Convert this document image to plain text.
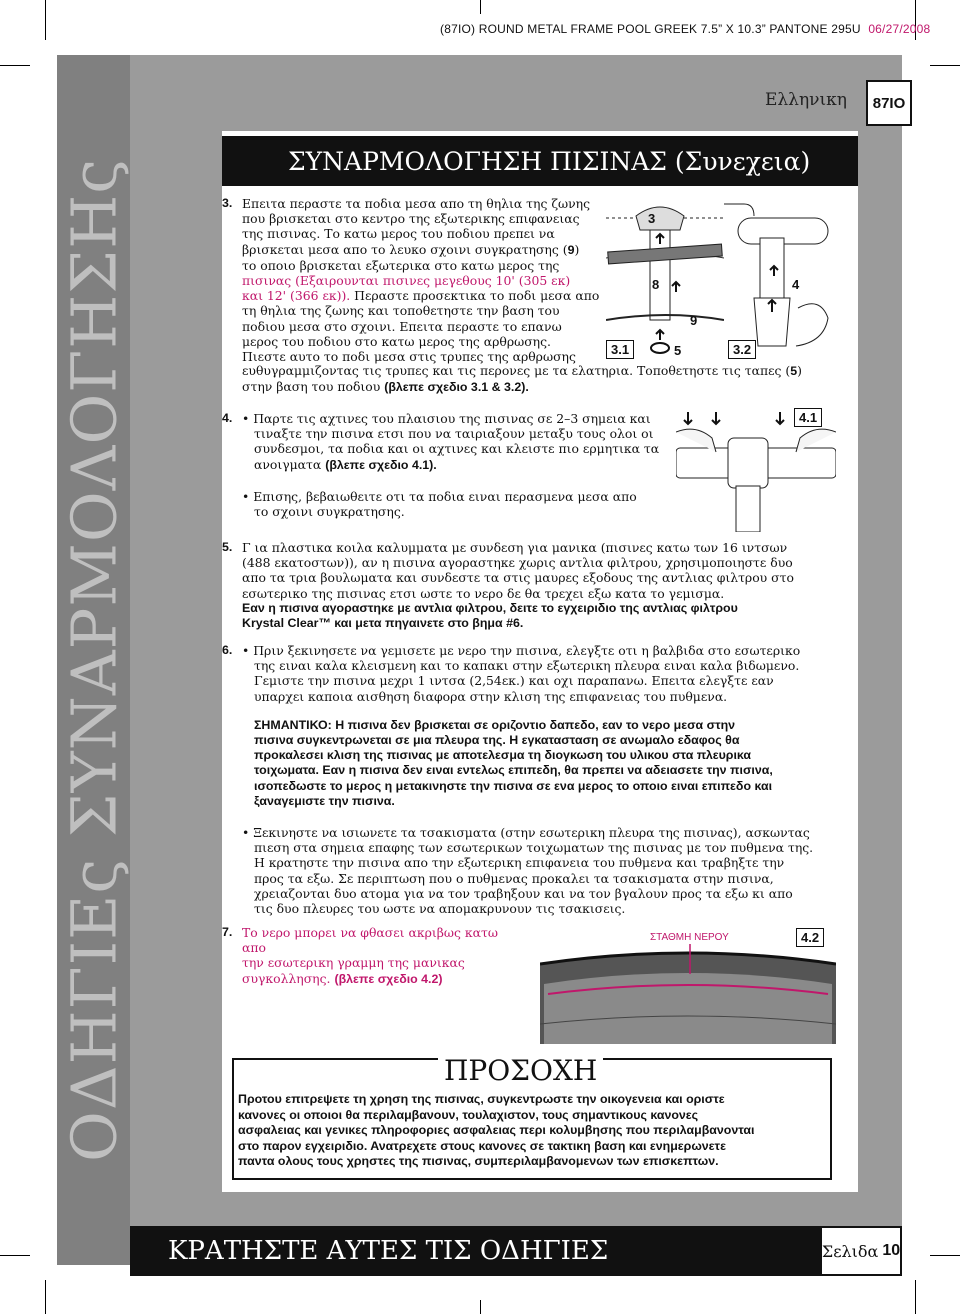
(87IO) ROUND METAL FRAME POOL GREEK 7.5” X 10.3” PANTONE 295U 06/27/2008
ΟΔΗΓΙΕς ΣΥΝΑΡΜΟΛΟΓΗΣΗς
Ελληνικη	87IO
ΣΥΝΑΡΜΟΛΟΓΗΣΗ ΠΙΣΙΝΑΣ (Συνεχεια)
3. Επειτα περαστε τα ποδια μεσα απο τη θηλια της ζωνης
που βρισκεται στο κεντρο της εξωτερικης επιφανειας
της πισινας. Το κατω μερος του ποδιου πρεπει να
βρισκεται μεσα απο το λευκο σχοινι συγκρατησης (9)
το οποιο βρισκεται εξωτερικα στο κατω μερος της
πισινας (Εξαιρουνται πισινες μεγεθους 10' (305 εκ)
και 12' (366 εκ)). Περαστε προσεκτικα το ποδι μεσα απο
τη θηλια της ζωνης και τοποθετηστε την βαση του
ποδιου μεσα στο σχοινι. Επειτα περαστε το επανω
μερος του ποδιου στο κατω μερος της αρθρωσης.
Πιεστε αυτο το ποδι μεσα στις τρυπες της αρθρωσης
ευθυγραμμιζοντας τις τρυπες και τις περονες με τα ελατηρια. Τοποθετηστε τις ταπες (5)
στην βαση του ποδιου (βλεπε σχεδιο 3.1 & 3.2).
3
8
9
5
3.1
4
3.2
4. • Παρτε τις αχτινες του πλαισιου της πισινας σε 2–3 σημεια και
τιναξτε την πισινα ετσι που να ταιριαξουν μεταξυ τους ολοι οι
συνδεσμοι, τα ποδια και οι αχτινες και κλειστε πιο ερμητικα τα
ανοιγματα (βλεπε σχεδιο 4.1).
• Επισης, βεβαιωθειτε οτι τα ποδια ειναι περασμενα μεσα απο
το σχοινι συγκρατησης.
4.1
5. Γ ια πλαστικα κοιλα καλυμματα με συνδεση για μανικα (πισινες κατω των 16 ιντσων
(488 εκατοστων)), αν η πισινα αγοραστηκε χωρις αντλια φιλτρου, χρησιμοποιηστε δυο
απο τα τρια βουλωματα και συνδεστε τα στις μαυρες εξοδους της αντλιας φιλτρου στο
εσωτερικο της πισινας ετσι ωστε το νερο δε θα τρεχει εξω κατα το γεμισμα.
Εαν η πισινα αγοραστηκε με αντλια φιλτρου, δειτε το εγχειριδιο της αντλιας φιλτρου
Krystal Clear™ και μετα πηγαινετε στο βημα #6.
6. • Πριν ξεκινησετε να γεμισετε με νερο την πισινα, ελεγξτε οτι η βαλβιδα στο εσωτερικο
της ειναι καλα κλεισμενη και το καπακι στην εξωτερικη πλευρα ειναι καλα βιδωμενο.
Γεμιστε την πισινα μεχρι 1 ιντσα (2,54εκ.) και οχι παραπανω. Επειτα ελεγξτε εαν
υπαρχει καποια αισθηση διαφορα στην κλιση της επιφανειας του πυθμενα.
ΣΗΜΑΝΤΙΚΟ: Η πισινα δεν βρισκεται σε οριζοντιο δαπεδο, εαν το νερο μεσα στην
πισινα συγκεντρωνεται σε μια πλευρα της. Η εγκατασταση σε ανωμαλο εδαφος θα
προκαλεσει κλιση της πισινας με αποτελεσμα τη διογκωση του υλικου στα πλευρικα
τοιχωματα. Εαν η πισινα δεν ειναι εντελως επιπεδη, θα πρεπει να αδειασετε την πισινα,
ισοπεδωστε το μερος η μετακινηστε την πισινα σε ενα μερος το οποιο ειναι επιπεδο και
ξαναγεμιστε την πισινα.
• Ξεκινηστε να ισιωνετε τα τσακισματα (στην εσωτερικη πλευρα της πισινας), ασκωντας
πιεση στα σημεια επαφης των εσωτερικων τοιχωματων της πισινας με τον πυθμενα της.
Η κρατηστε την πισινα απο την εξωτερικη επιφανεια του πυθμενα και τραβηξτε την
προς τα εξω. Σε περιπτωση που ο πυθμενας προκαλει τα τσακισματα στην πισινα,
χρειαζονται δυο ατομα για να τον τραβηξουν και να τον βγαλουν προς τα εξω κι απο
τις δυο πλευρες του ωστε να απομακρυνουν τις τσακισεις.
7. Το νερο μπορει να φθασει ακριβως κατω απο
την εσωτερικη γραμμη της μανικας
συγκολλησης. (βλεπε σχεδιο 4.2)
ΣΤΑΘΜΗ ΝΕΡΟΥ	4.2
Προτου επιτρεψετε τη χρηση της πισινας, συγκεντρωστε την οικογενεια και οριστε
κανονες οι οποιοι θα περιλαμβανουν, τουλαχιστον, τους σημαντικους κανονες
ασφαλειας και γενικες πληροφοριες ασφαλειας περι κολυμβησης που περιλαμβανονται
στο παρον εγχειριδιο. Ανατρεχετε στους κανονες σε τακτικη βαση και ενημερωνετε
παντα ολους τους χρηστες της πισινας, συμπεριλαμβανομενων των επισκεπτων.
ΠΡΟΣΟΧΗ
ΚΡΑΤΗΣΤΕ ΑΥΤΕΣ ΤΙΣ ΟΔΗΓΙΕΣ	Σελιδα 10
